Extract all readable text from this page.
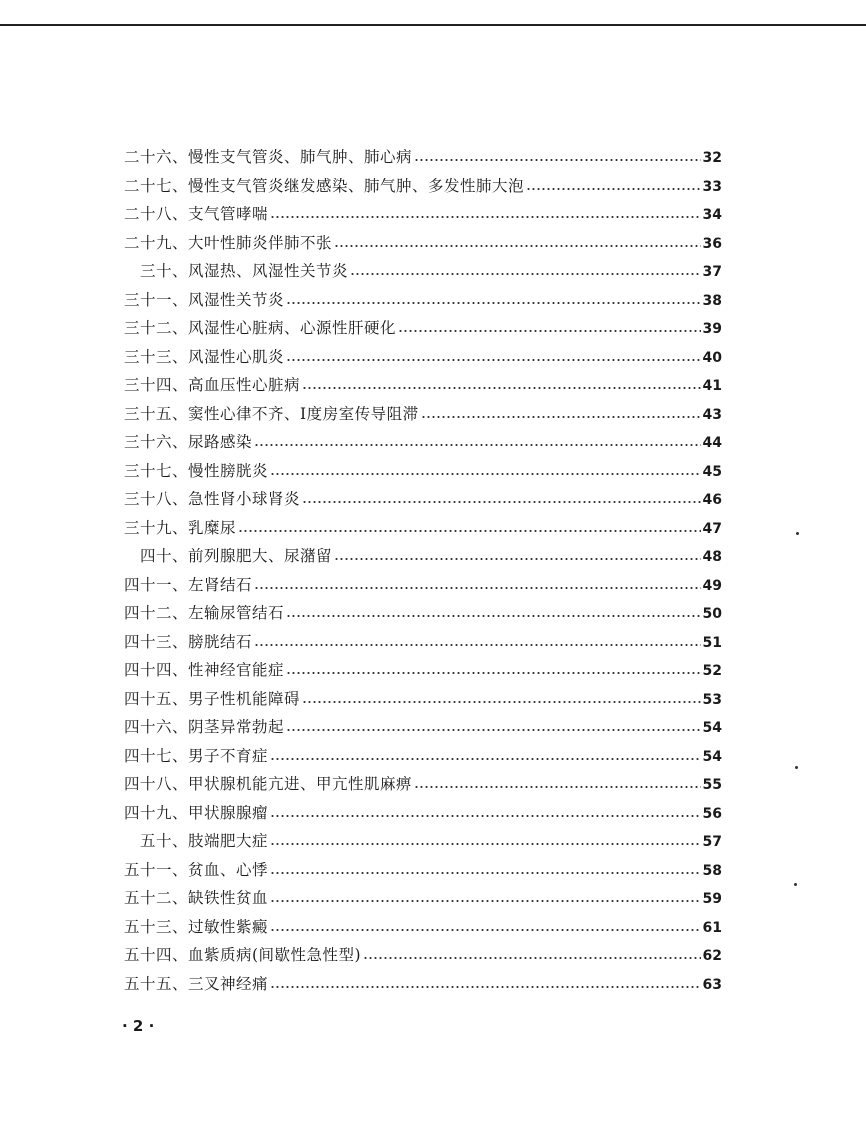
二十六、 慢性支气管炎、肺气肿、肺心病	32
二十七、 慢性支气管炎继发感染、肺气肿、多发性肺大泡	33
二十八、 支气管哮喘	34
二十九、 大叶性肺炎伴肺不张	36
三十、 风湿热、风湿性关节炎	37
三十一、 风湿性关节炎	38
三十二、 风湿性心脏病、心源性肝硬化	39
三十三、 风湿性心肌炎	40
三十四、 高血压性心脏病	41
三十五、 窦性心律不齐、Ⅰ度房室传导阻滞	43
三十六、 尿路感染	44
三十七、 慢性膀胱炎	45
三十八、 急性肾小球肾炎	46
三十九、 乳糜尿	47
四十、 前列腺肥大、尿潴留	48
四十一、 左肾结石	49
四十二、 左输尿管结石	50
四十三、 膀胱结石	51
四十四、 性神经官能症	52
四十五、 男子性机能障碍	53
四十六、 阴茎异常勃起	54
四十七、 男子不育症	54
四十八、 甲状腺机能亢进、甲亢性肌麻痹	55
四十九、 甲状腺腺瘤	56
五十、 肢端肥大症	57
五十一、 贫血、心悸	58
五十二、 缺铁性贫血	59
五十三、 过敏性紫癜	61
五十四、 血紫质病(间歇性急性型)	62
五十五、 三叉神经痛	63
· 2 ·
